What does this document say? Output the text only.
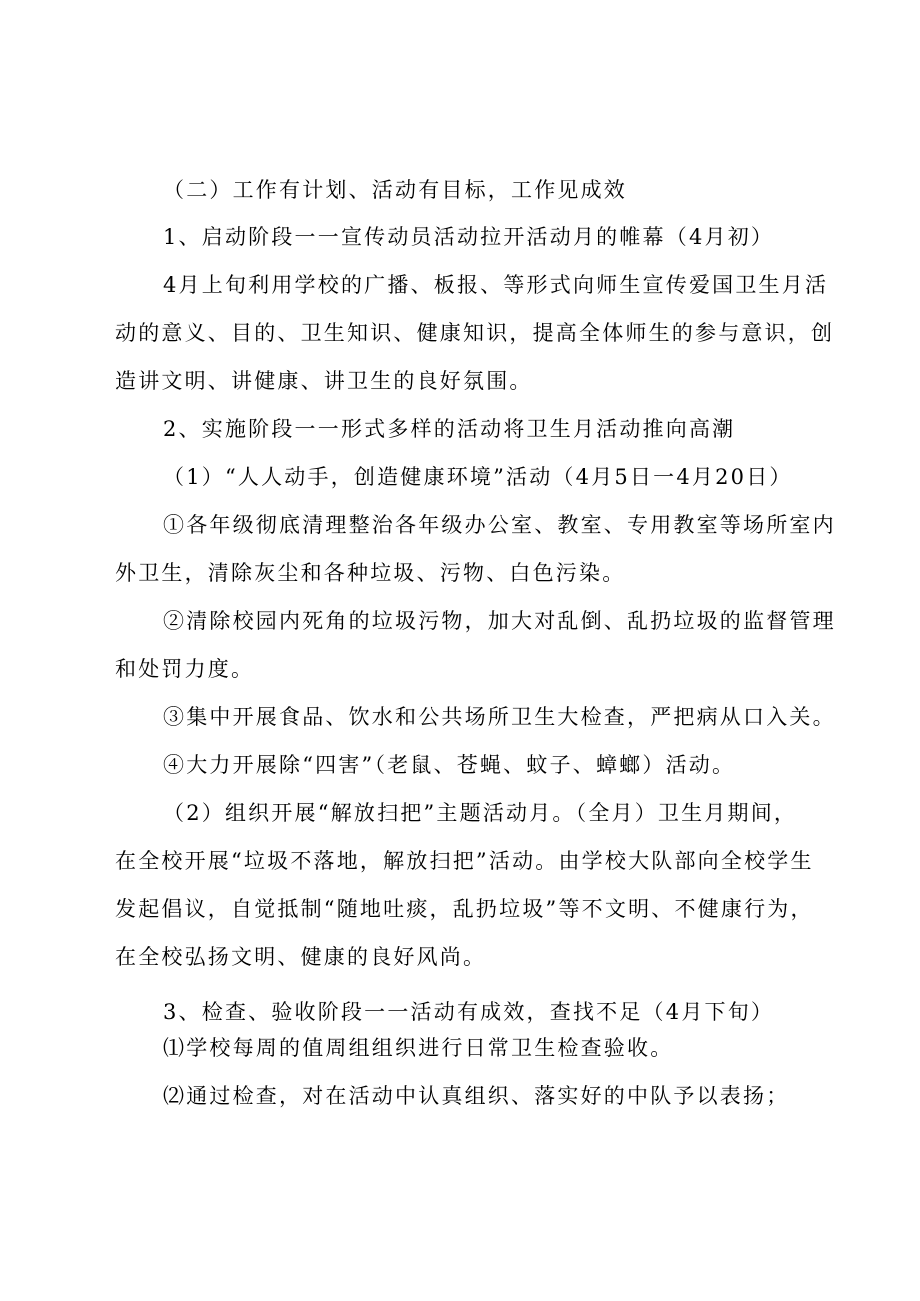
（二）工作有计划、活动有目标，工作见成效
1、启动阶段一一宣传动员活动拉开活动月的帷幕（4月初）
4月上旬利用学校的广播、板报、等形式向师生宣传爱国卫生月活
动的意义、目的、卫生知识、健康知识，提高全体师生的参与意识，创
造讲文明、讲健康、讲卫生的良好氛围。
2、实施阶段一一形式多样的活动将卫生月活动推向高潮
（1）“人人动手，创造健康环境”活动（4月5日一4月20日）
①各年级彻底清理整治各年级办公室、教室、专用教室等场所室内
外卫生，清除灰尘和各种垃圾、污物、白色污染。
②清除校园内死角的垃圾污物，加大对乱倒、乱扔垃圾的监督管理
和处罚力度。
③集中开展食品、饮水和公共场所卫生大检查，严把病从口入关。
④大力开展除“四害”（老鼠、苍蝇、蚊子、蟑螂）活动。
（2）组织开展“解放扫把”主题活动月。（全月）卫生月期间，
在全校开展“垃圾不落地，解放扫把”活动。由学校大队部向全校学生
发起倡议，自觉抵制“随地吐痰，乱扔垃圾”等不文明、不健康行为，
在全校弘扬文明、健康的良好风尚。
3、检查、验收阶段一一活动有成效，查找不足（4月下旬）
⑴学校每周的值周组组织进行日常卫生检查验收。
⑵通过检查，对在活动中认真组织、落实好的中队予以表扬；
